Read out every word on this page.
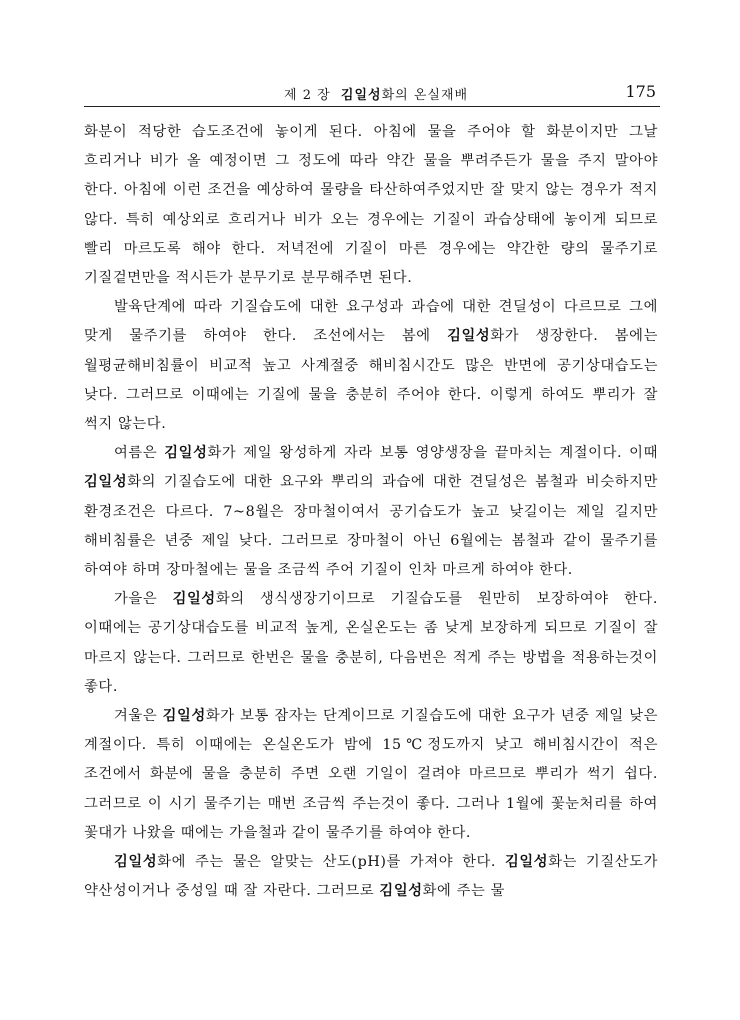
제 2 장 김일성화의 온실재배	175

화분이 적당한 습도조건에 놓이게 된다. 아침에 물을 주어야 할 화분이지만 그날 흐리거나 비가 올 예정이면 그 정도에 따라 약간 물을 뿌려주든가 물을 주지 말아야 한다. 아침에 이런 조건을 예상하여 물량을 타산하여주었지만 잘 맞지 않는 경우가 적지 않다. 특히 예상외로 흐리거나 비가 오는 경우에는 기질이 과습상태에 놓이게 되므로 빨리 마르도록 해야 한다. 저녁전에 기질이 마른 경우에는 약간한 량의 물주기로 기질겉면만을 적시든가 분무기로 분무해주면 된다.

발육단계에 따라 기질습도에 대한 요구성과 과습에 대한 견딜성이 다르므로 그에 맞게 물주기를 하여야 한다. 조선에서는 봄에 김일성화가 생장한다. 봄에는 월평균해비침률이 비교적 높고 사계절중 해비침시간도 많은 반면에 공기상대습도는 낮다. 그러므로 이때에는 기질에 물을 충분히 주어야 한다. 이렇게 하여도 뿌리가 잘 썩지 않는다.

여름은 김일성화가 제일 왕성하게 자라 보통 영양생장을 끝마치는 계절이다. 이때 김일성화의 기질습도에 대한 요구와 뿌리의 과습에 대한 견딜성은 봄철과 비슷하지만 환경조건은 다르다. 7~8월은 장마철이여서 공기습도가 높고 낮길이는 제일 길지만 해비침률은 년중 제일 낮다. 그러므로 장마철이 아닌 6월에는 봄철과 같이 물주기를 하여야 하며 장마철에는 물을 조금씩 주어 기질이 인차 마르게 하여야 한다.

가을은 김일성화의 생식생장기이므로 기질습도를 원만히 보장하여야 한다. 이때에는 공기상대습도를 비교적 높게, 온실온도는 좀 낮게 보장하게 되므로 기질이 잘 마르지 않는다. 그러므로 한번은 물을 충분히, 다음번은 적게 주는 방법을 적용하는것이 좋다.

겨울은 김일성화가 보통 잠자는 단계이므로 기질습도에 대한 요구가 년중 제일 낮은 계절이다. 특히 이때에는 온실온도가 밤에 15℃정도까지 낮고 해비침시간이 적은 조건에서 화분에 물을 충분히 주면 오랜 기일이 걸려야 마르므로 뿌리가 썩기 쉽다. 그러므로 이 시기 물주기는 매번 조금씩 주는것이 좋다. 그러나 1월에 꽃눈처리를 하여 꽃대가 나왔을 때에는 가을철과 같이 물주기를 하여야 한다.

김일성화에 주는 물은 알맞는 산도(pH)를 가져야 한다. 김일성화는 기질산도가 약산성이거나 중성일 때 잘 자란다. 그러므로 김일성화에 주는 물
